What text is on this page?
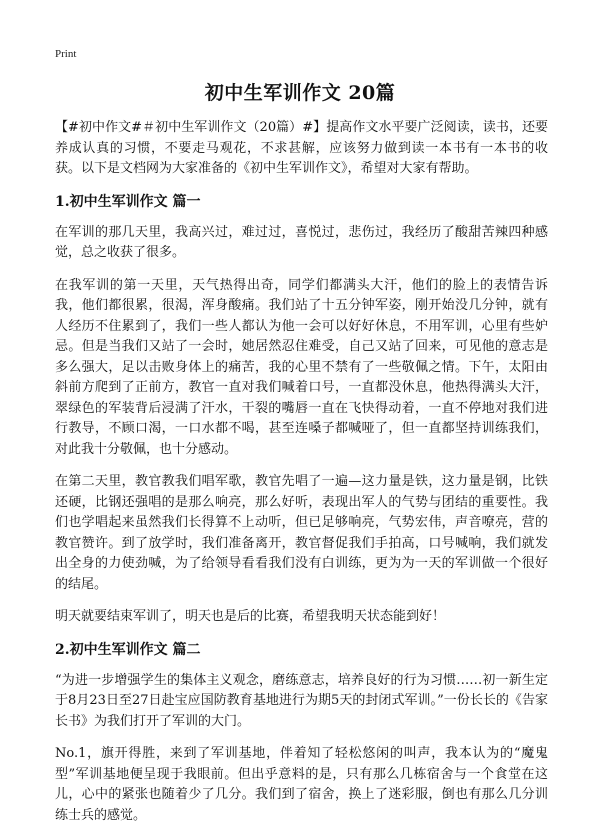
Print
初中生军训作文 20篇

【#初中作文#＃初中生军训作文（20篇）#】提高作文水平要广泛阅读，读书，还要养成认真的习惯，不要走马观花，不求甚解，应该努力做到读一本书有一本书的收获。以下是文档网为大家准备的《初中生军训作文》，希望对大家有帮助。

1.初中生军训作文 篇一

在军训的那几天里，我高兴过，难过过，喜悦过，悲伤过，我经历了酸甜苦辣四种感觉，总之收获了很多。

在我军训的第一天里，天气热得出奇，同学们都满头大汗，他们的脸上的表情告诉我，他们都很累，很渴，浑身酸痛。我们站了十五分钟军姿，刚开始没几分钟，就有人经历不住累到了，我们一些人都认为他一会可以好好休息，不用军训，心里有些妒忌。但是当我们又站了一会时，她居然忍住难受，自己又站了回来，可见他的意志是多么强大，足以击败身体上的痛苦，我的心里不禁有了一些敬佩之情。下午，太阳由斜前方爬到了正前方，教官一直对我们喊着口号，一直都没休息，他热得满头大汗，翠绿色的军装背后浸满了汗水，干裂的嘴唇一直在飞快得动着，一直不停地对我们进行教导，不顾口渴，一口水都不喝，甚至连嗓子都喊哑了，但一直都坚持训练我们，对此我十分敬佩，也十分感动。

在第二天里，教官教我们唱军歌，教官先唱了一遍—这力量是铁，这力量是钢，比铁还硬，比钢还强唱的是那么响亮，那么好听，表现出军人的气势与团结的重要性。我们也学唱起来虽然我们长得算不上动听，但已足够响亮，气势宏伟，声音嘹亮，营的教官赞许。到了放学时，我们准备离开，教官督促我们手拍高，口号喊响，我们就发出全身的力使劲喊，为了给领导看看我们没有白训练，更为为一天的军训做一个很好的结尾。

明天就要结束军训了，明天也是后的比赛，希望我明天状态能到好！

2.初中生军训作文 篇二

“为进一步增强学生的集体主义观念，磨练意志，培养良好的行为习惯……初一新生定于8月23日至27日赴宝应国防教育基地进行为期5天的封闭式军训。”一份长长的《告家长书》为我们打开了军训的大门。

No.1，旗开得胜，来到了军训基地，伴着知了轻松悠闲的叫声，我本认为的“魔鬼型”军训基地便呈现于我眼前。但出乎意料的是，只有那么几栋宿舍与一个食堂在这儿，心中的紧张也随着少了几分。我们到了宿舍，换上了迷彩服，倒也有那么几分训练士兵的感觉。
